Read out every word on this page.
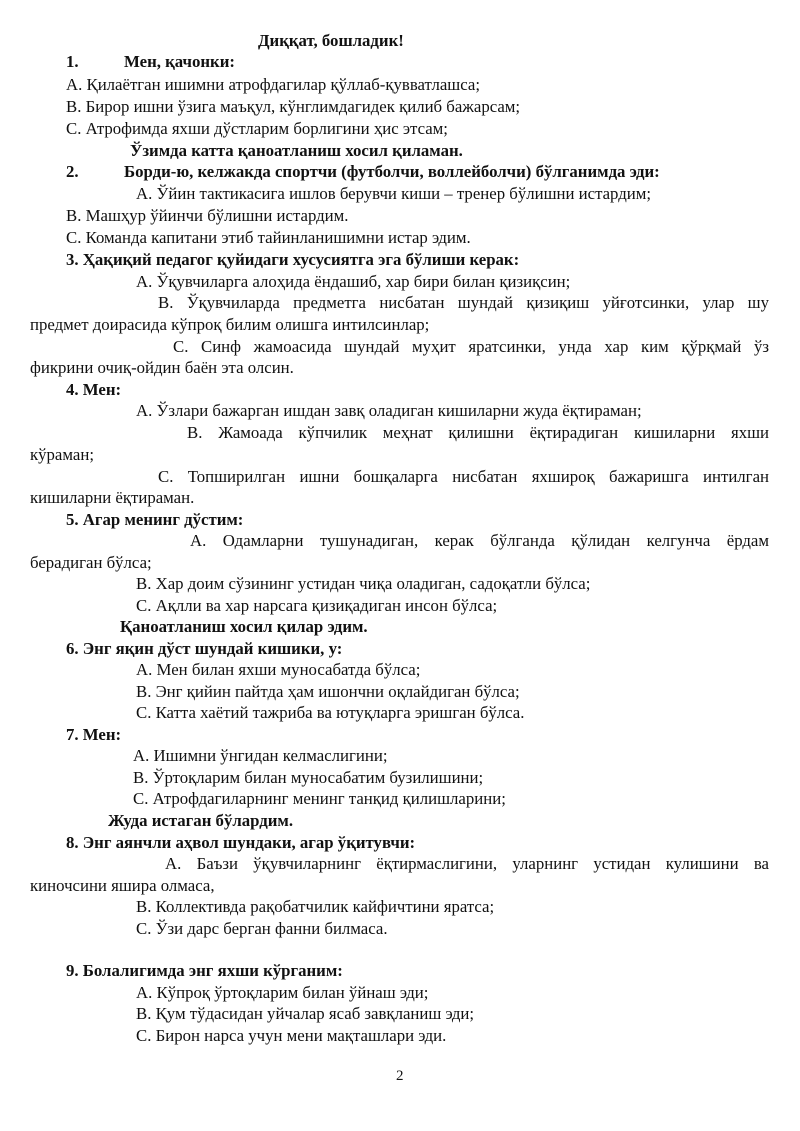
Диққат, бошладик!
1.	Мен, қачонки:
А. Қилаётган ишимни атрофдагилар қўллаб-қувватлашса;
В. Бирор ишни ўзига маъқул, кўнглимдагидек қилиб бажарсам;
С. Атрофимда яхши дўстларим борлигини ҳис этсам;
Ўзимда катта қаноатланиш хосил қиламан.
2.	Борди-ю, келжакда спортчи (футболчи, воллейболчи) бўлганимда эди:
А. Ўйин тактикасига ишлов берувчи киши – тренер бўлишни истардим;
В. Машҳур ўйинчи бўлишни истардим.
С. Команда капитани этиб тайинланишимни истар эдим.
3. Ҳақиқий педагог қуйидаги хусусиятга эга бўлиши керак:
А. Ўқувчиларга алоҳида ёндашиб, хар бири билан қизиқсин;
В. Ўқувчиларда предметга нисбатан шундай қизиқиш уйғотсинки, улар шу
предмет доирасида кўпроқ билим олишга интилсинлар;
С. Синф жамоасида шундай муҳит яратсинки, унда хар ким қўрқмай ўз
фикрини очиқ-ойдин баён эта олсин.
4. Мен:
А. Ўзлари бажарган ишдан завқ оладиган кишиларни жуда ёқтираман;
В. Жамоада кўпчилик меҳнат қилишни ёқтирадиган кишиларни яхши
кўраман;
С. Топширилган ишни бошқаларга нисбатан яхшироқ бажаришга интилган
кишиларни ёқтираман.
5. Агар менинг дўстим:
А. Одамларни тушунадиган, керак бўлганда қўлидан келгунча ёрдам
берадиган бўлса;
В. Хар доим сўзининг устидан чиқа оладиган, садоқатли бўлса;
С. Ақлли ва хар нарсага қизиқадиган инсон бўлса;
Қаноатланиш хосил қилар эдим.
6. Энг яқин дўст шундай кишики, у:
А. Мен билан яхши муносабатда бўлса;
В. Энг қийин пайтда ҳам ишончни оқлайдиган бўлса;
С. Катта хаётий тажриба ва ютуқларга эришган бўлса.
7. Мен:
А. Ишимни ўнгидан келмаслигини;
В. Ўртоқларим билан муносабатим бузилишини;
С. Атрофдагиларнинг менинг танқид қилишларини;
Жуда истаган бўлардим.
8. Энг аянчли аҳвол шундаки, агар ўқитувчи:
А. Баъзи ўқувчиларнинг ёқтирмаслигини, уларнинг устидан кулишини ва
киночсини яшира олмаса,
В. Коллективда рақобатчилик кайфичтини яратса;
С. Ўзи дарс берган фанни билмаса.
9. Болалигимда энг яхши кўрганим:
А. Кўпроқ ўртоқларим билан ўйнаш эди;
В. Қум тўдасидан уйчалар ясаб завқланиш эди;
С. Бирон нарса учун мени мақташлари эди.
2
